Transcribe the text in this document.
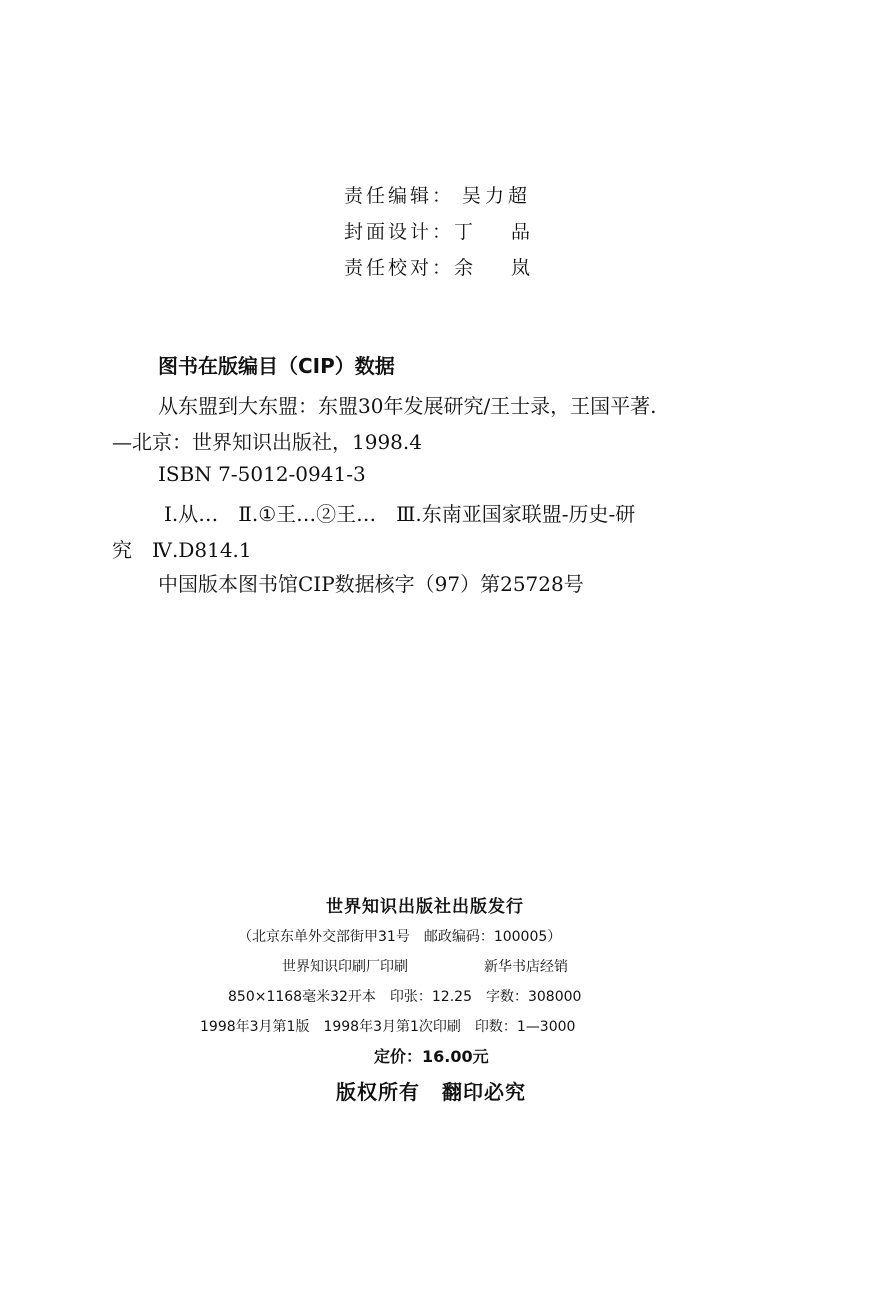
责任编辑： 吴力超
封面设计： 丁品
责任校对： 余岚
图书在版编目（CIP）数据
从东盟到大东盟：东盟30年发展研究/王士录，王国平著.
—北京：世界知识出版社，1998.4
ISBN 7-5012-0941-3
Ⅰ.从…　Ⅱ.①王…②王…　Ⅲ.东南亚国家联盟-历史-研
究　Ⅳ.D814.1
中国版本图书馆CIP数据核字（97）第25728号
世界知识出版社出版发行
（北京东单外交部街甲31号　邮政编码：100005）
世界知识印刷厂印刷	新华书店经销
850×1168毫米32开本　印张：12.25　字数：308000
1998年3月第1版　1998年3月第1次印刷　印数：1—3000
定价：16.00元
版权所有 翻印必究
